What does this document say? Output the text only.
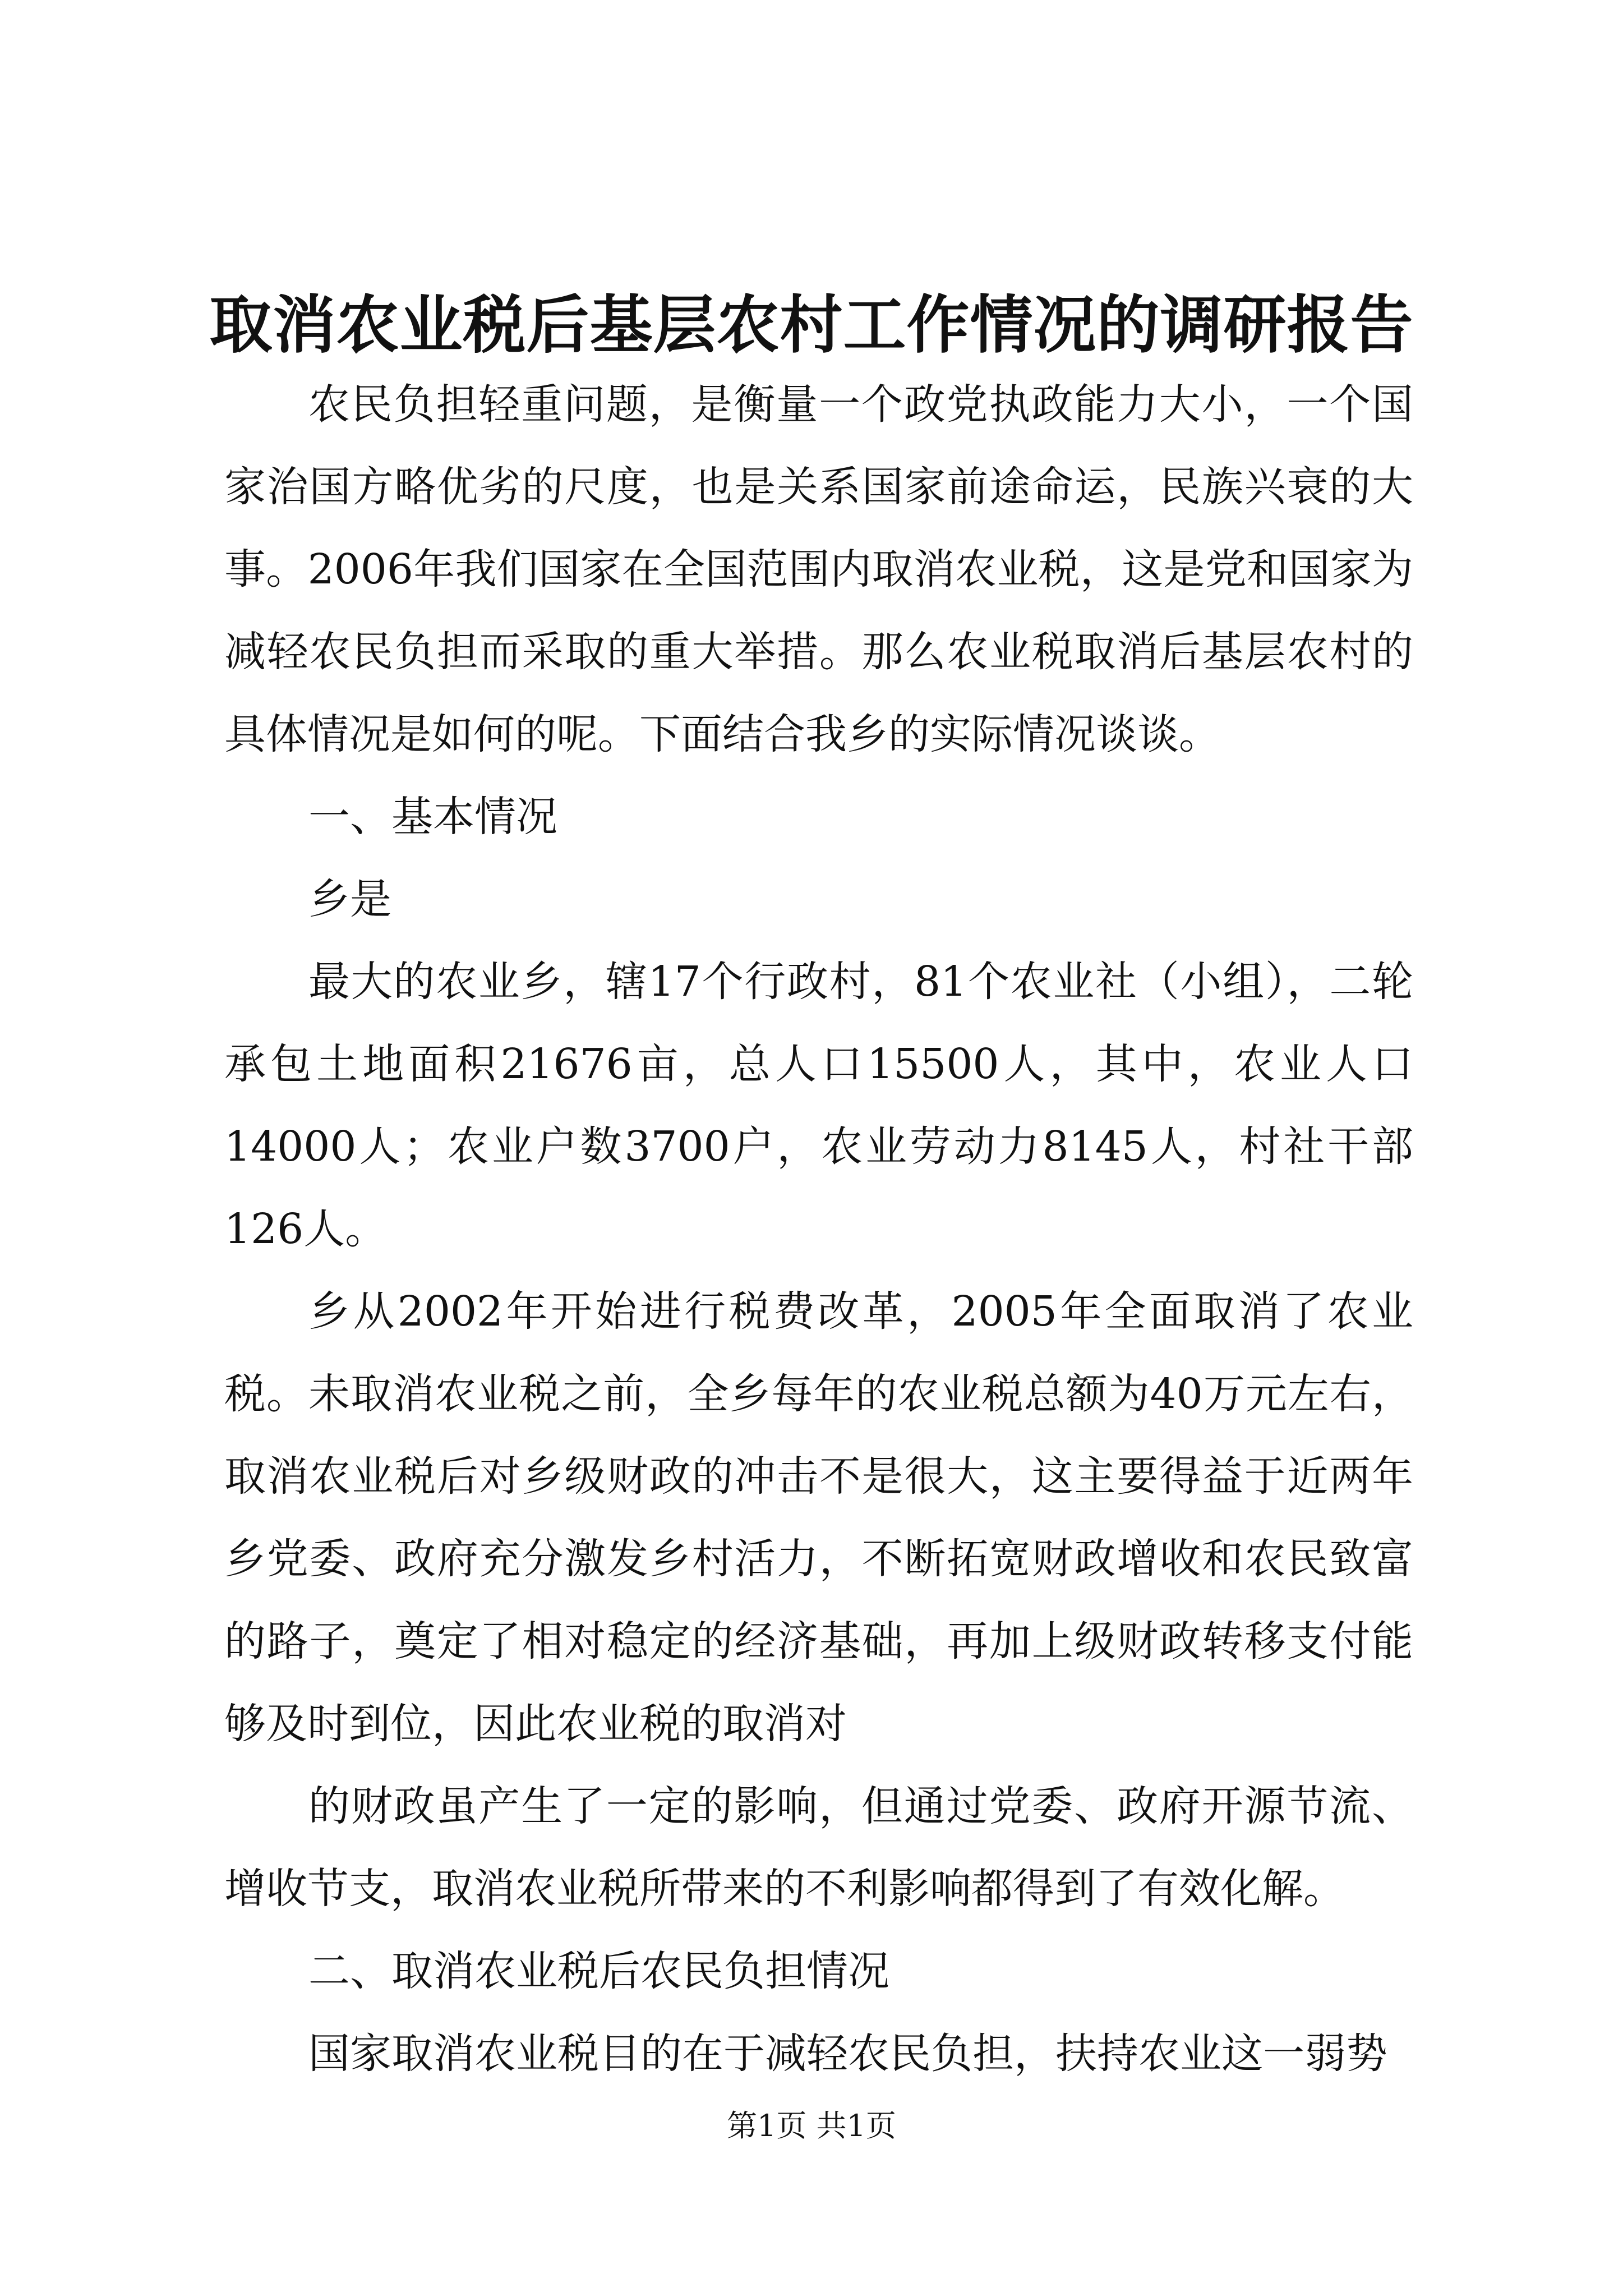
取消农业税后基层农村工作情况的调研报告

农民负担轻重问题，是衡量一个政党执政能力大小，一个国家治国方略优劣的尺度，也是关系国家前途命运，民族兴衰的大事。2006年我们国家在全国范围内取消农业税，这是党和国家为减轻农民负担而采取的重大举措。那么农业税取消后基层农村的具体情况是如何的呢。下面结合我乡的实际情况谈谈。

一、基本情况

乡是

最大的农业乡，辖17个行政村，81个农业社（小组），二轮承包土地面积21676亩，总人口15500人，其中，农业人口14000人；农业户数3700户，农业劳动力8145人，村社干部126人。

乡从2002年开始进行税费改革，2005年全面取消了农业税。未取消农业税之前，全乡每年的农业税总额为40万元左右，取消农业税后对乡级财政的冲击不是很大，这主要得益于近两年乡党委、政府充分激发乡村活力，不断拓宽财政增收和农民致富的路子，奠定了相对稳定的经济基础，再加上级财政转移支付能够及时到位，因此农业税的取消对

的财政虽产生了一定的影响，但通过党委、政府开源节流、增收节支，取消农业税所带来的不利影响都得到了有效化解。

二、取消农业税后农民负担情况

国家取消农业税目的在于减轻农民负担，扶持农业这一弱势

第1页 共1页
